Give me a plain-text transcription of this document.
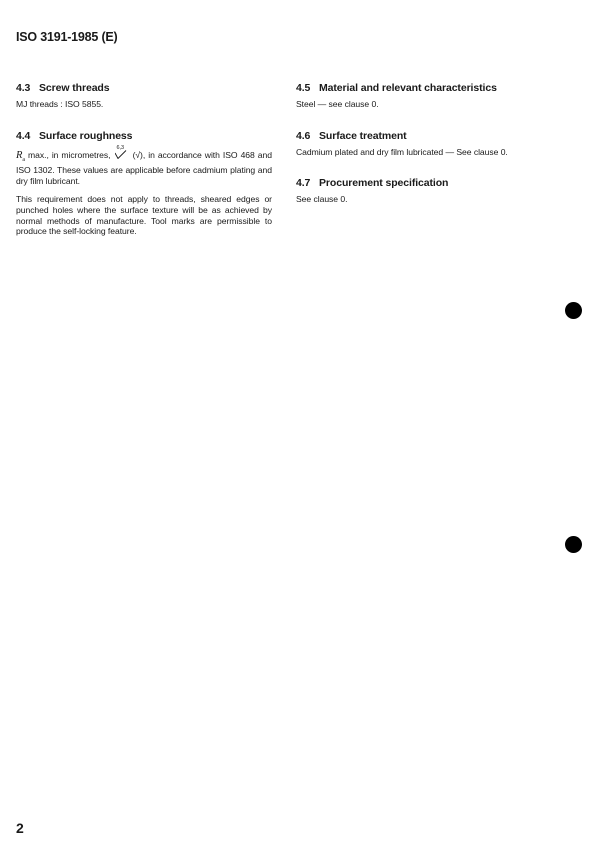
ISO 3191-1985 (E)
4.3 Screw threads

MJ threads : ISO 5855.

4.4 Surface roughness

$R_a$ max., in micrometres,
6,3
(√), in accordance with ISO 468 and ISO 1302. These values are applicable before cadmium plating and dry film lubricant.

This requirement does not apply to threads, sheared edges or punched holes where the surface texture will be as achieved by normal methods of manufacture. Tool marks are permissible to produce the self-locking feature.

4.5 Material and relevant characteristics

Steel — see clause 0.

4.6 Surface treatment

Cadmium plated and dry film lubricated — See clause 0.

4.7 Procurement specification

See clause 0.

2
